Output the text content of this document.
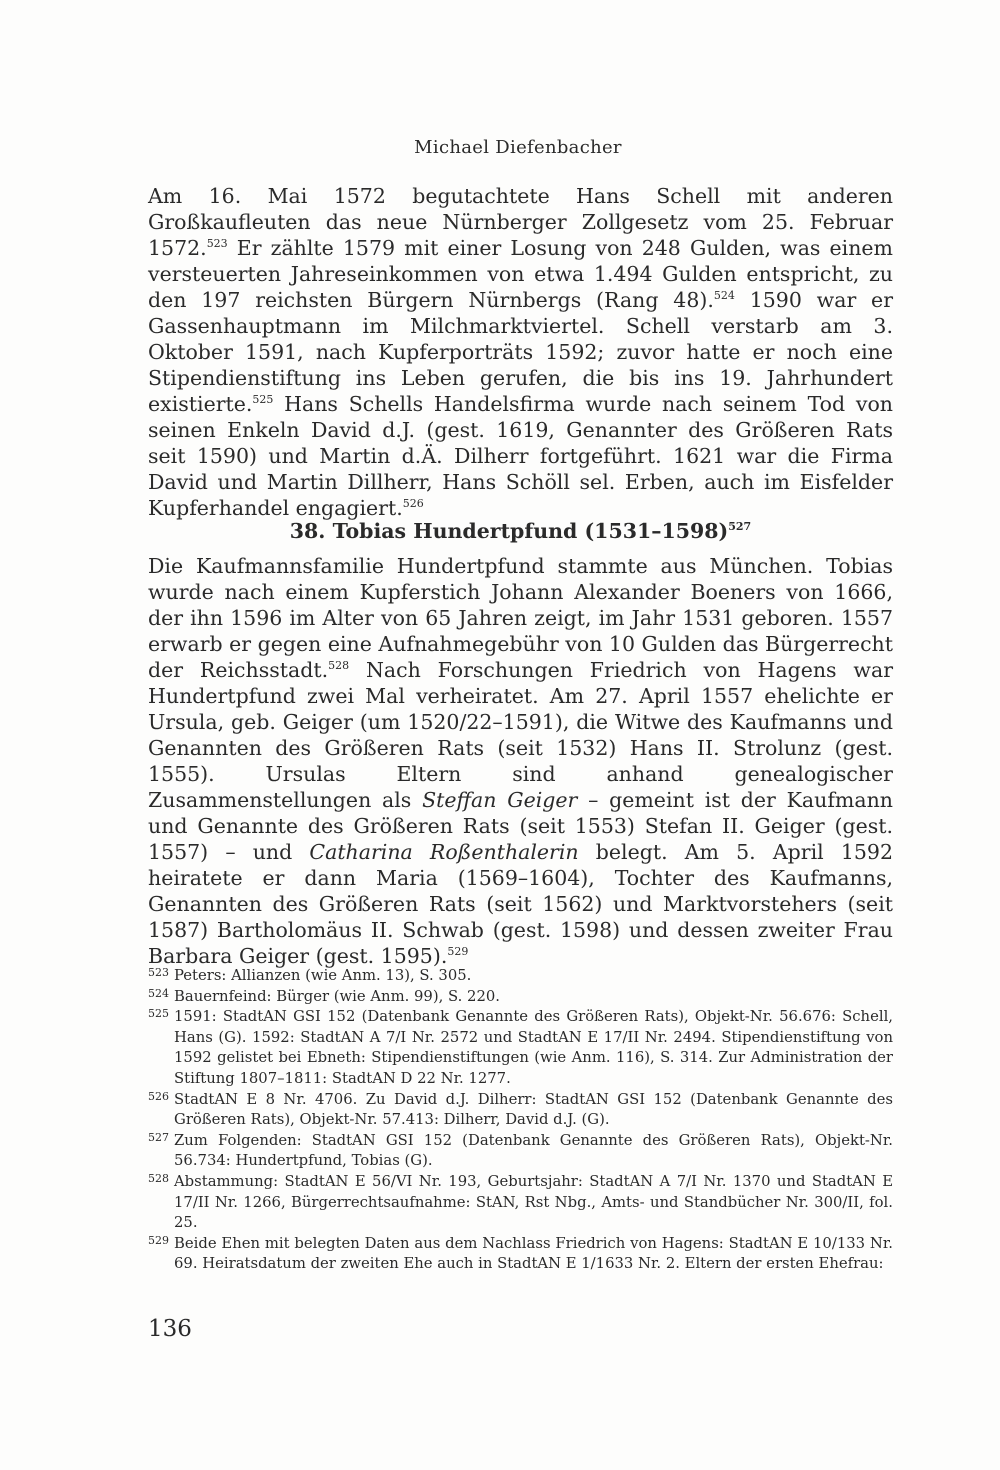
Michael Diefenbacher

Am 16. Mai 1572 begutachtete Hans Schell mit anderen Großkaufleuten das neue Nürnberger Zollgesetz vom 25. Februar 1572.$^{523}$ Er zählte 1579 mit einer Losung von 248 Gulden, was einem versteuerten Jahreseinkommen von etwa 1.494 Gulden entspricht, zu den 197 reichsten Bürgern Nürnbergs (Rang 48).$^{524}$ 1590 war er Gassenhauptmann im Milchmarktviertel. Schell verstarb am 3. Oktober 1591, nach Kupferporträts 1592; zuvor hatte er noch eine Stipendienstiftung ins Leben gerufen, die bis ins 19. Jahrhundert existierte.$^{525}$ Hans Schells Handelsfirma wurde nach seinem Tod von seinen Enkeln David d.J. (gest. 1619, Genannter des Größeren Rats seit 1590) und Martin d.Ä. Dilherr fortgeführt. 1621 war die Firma David und Martin Dillherr, Hans Schöll sel. Erben, auch im Eisfelder Kupferhandel engagiert.$^{526}$

38. Tobias Hundertpfund (1531–1598)$^{527}$

Die Kaufmannsfamilie Hundertpfund stammte aus München. Tobias wurde nach einem Kupferstich Johann Alexander Boeners von 1666, der ihn 1596 im Alter von 65 Jahren zeigt, im Jahr 1531 geboren. 1557 erwarb er gegen eine Aufnahmegebühr von 10 Gulden das Bürgerrecht der Reichsstadt.$^{528}$ Nach Forschungen Friedrich von Hagens war Hundertpfund zwei Mal verheiratet. Am 27. April 1557 ehelichte er Ursula, geb. Geiger (um 1520/22–1591), die Witwe des Kaufmanns und Genannten des Größeren Rats (seit 1532) Hans II. Strolunz (gest. 1555). Ursulas Eltern sind anhand genealogischer Zusammenstellungen als Steffan Geiger – gemeint ist der Kaufmann und Genannte des Größeren Rats (seit 1553) Stefan II. Geiger (gest. 1557) – und Catharina Roßenthalerin belegt. Am 5. April 1592 heiratete er dann Maria (1569–1604), Tochter des Kaufmanns, Genannten des Größeren Rats (seit 1562) und Marktvorstehers (seit 1587) Bartholomäus II. Schwab (gest. 1598) und dessen zweiter Frau Barbara Geiger (gest. 1595).$^{529}$

523 Peters: Allianzen (wie Anm. 13), S. 305.
524 Bauernfeind: Bürger (wie Anm. 99), S. 220.
525 1591: StadtAN GSI 152 (Datenbank Genannte des Größeren Rats), Objekt-Nr. 56.676: Schell, Hans (G). 1592: StadtAN A 7/I Nr. 2572 und StadtAN E 17/II Nr. 2494. Stipendienstiftung von 1592 gelistet bei Ebneth: Stipendienstiftungen (wie Anm. 116), S. 314. Zur Administration der Stiftung 1807–1811: StadtAN D 22 Nr. 1277.
526 StadtAN E 8 Nr. 4706. Zu David d.J. Dilherr: StadtAN GSI 152 (Datenbank Genannte des Größeren Rats), Objekt-Nr. 57.413: Dilherr, David d.J. (G).
527 Zum Folgenden: StadtAN GSI 152 (Datenbank Genannte des Größeren Rats), Objekt-Nr. 56.734: Hundertpfund, Tobias (G).
528 Abstammung: StadtAN E 56/VI Nr. 193, Geburtsjahr: StadtAN A 7/I Nr. 1370 und StadtAN E 17/II Nr. 1266, Bürgerrechtsaufnahme: StAN, Rst Nbg., Amts- und Standbücher Nr. 300/II, fol. 25.
529 Beide Ehen mit belegten Daten aus dem Nachlass Friedrich von Hagens: StadtAN E 10/133 Nr. 69. Heiratsdatum der zweiten Ehe auch in StadtAN E 1/1633 Nr. 2. Eltern der ersten Ehefrau:
136
